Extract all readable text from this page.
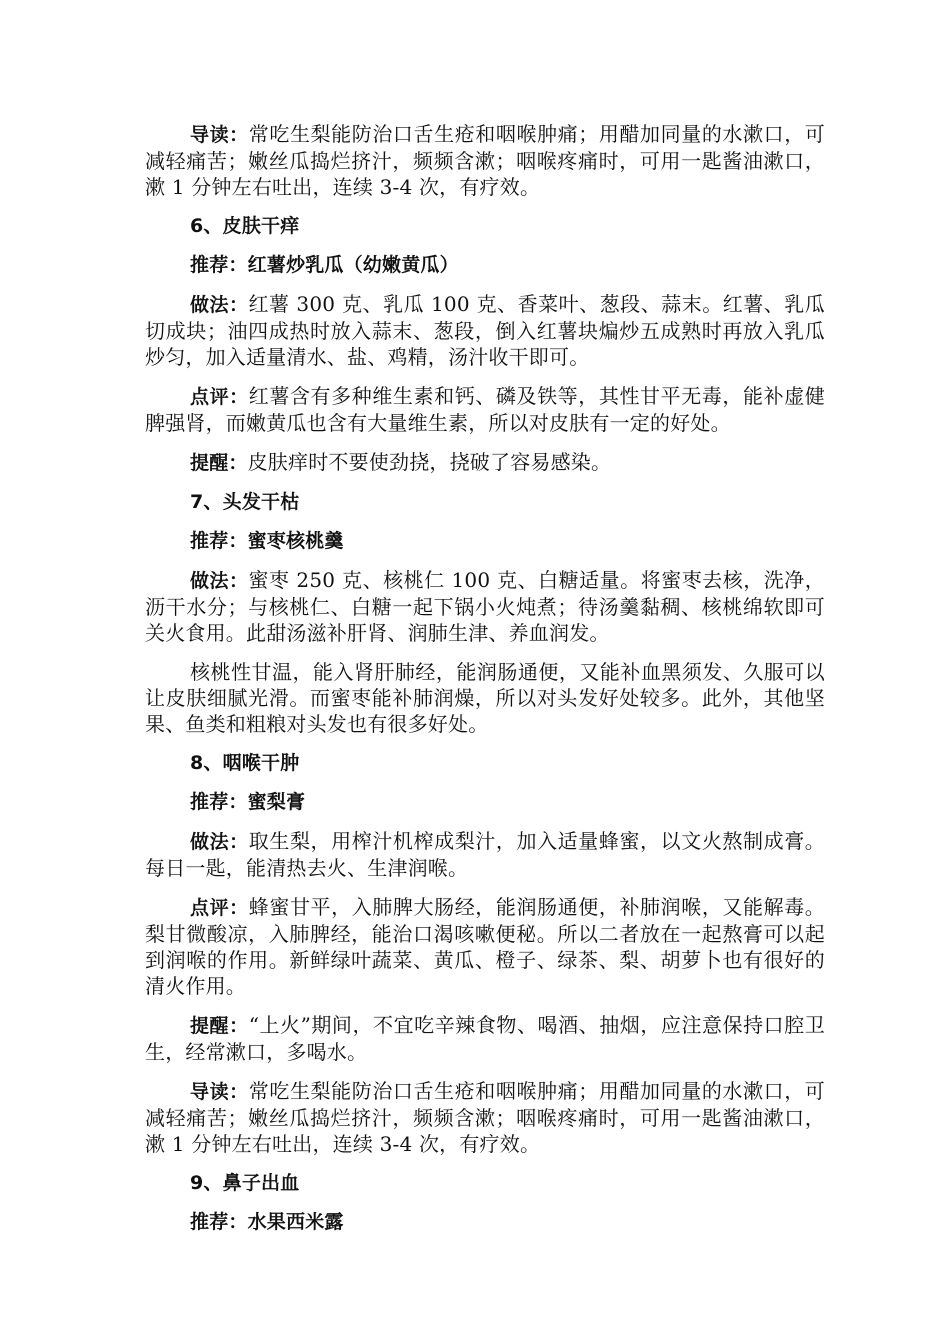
导读：常吃生梨能防治口舌生疮和咽喉肿痛；用醋加同量的水漱口，可减轻痛苦；嫩丝瓜捣烂挤汁，频频含漱；咽喉疼痛时，可用一匙酱油漱口，漱 1 分钟左右吐出，连续 3-4 次，有疗效。

6、皮肤干痒

推荐：红薯炒乳瓜（幼嫩黄瓜）

做法：红薯 300 克、乳瓜 100 克、香菜叶、葱段、蒜末。红薯、乳瓜切成块；油四成热时放入蒜末、葱段，倒入红薯块煸炒五成熟时再放入乳瓜炒匀，加入适量清水、盐、鸡精，汤汁收干即可。

点评：红薯含有多种维生素和钙、磷及铁等，其性甘平无毒，能补虚健脾强肾，而嫩黄瓜也含有大量维生素，所以对皮肤有一定的好处。

提醒：皮肤痒时不要使劲挠，挠破了容易感染。

7、头发干枯

推荐：蜜枣核桃羹

做法：蜜枣 250 克、核桃仁 100 克、白糖适量。将蜜枣去核，洗净，沥干水分；与核桃仁、白糖一起下锅小火炖煮；待汤羹黏稠、核桃绵软即可关火食用。此甜汤滋补肝肾、润肺生津、养血润发。

核桃性甘温，能入肾肝肺经，能润肠通便，又能补血黑须发、久服可以让皮肤细腻光滑。而蜜枣能补肺润燥，所以对头发好处较多。此外，其他坚果、鱼类和粗粮对头发也有很多好处。

8、咽喉干肿

推荐：蜜梨膏

做法：取生梨，用榨汁机榨成梨汁，加入适量蜂蜜，以文火熬制成膏。每日一匙，能清热去火、生津润喉。

点评：蜂蜜甘平，入肺脾大肠经，能润肠通便，补肺润喉，又能解毒。梨甘微酸凉，入肺脾经，能治口渴咳嗽便秘。所以二者放在一起熬膏可以起到润喉的作用。新鲜绿叶蔬菜、黄瓜、橙子、绿茶、梨、胡萝卜也有很好的清火作用。

提醒：“上火”期间，不宜吃辛辣食物、喝酒、抽烟，应注意保持口腔卫生，经常漱口，多喝水。

导读：常吃生梨能防治口舌生疮和咽喉肿痛；用醋加同量的水漱口，可减轻痛苦；嫩丝瓜捣烂挤汁，频频含漱；咽喉疼痛时，可用一匙酱油漱口，漱 1 分钟左右吐出，连续 3-4 次，有疗效。

9、鼻子出血

推荐：水果西米露
